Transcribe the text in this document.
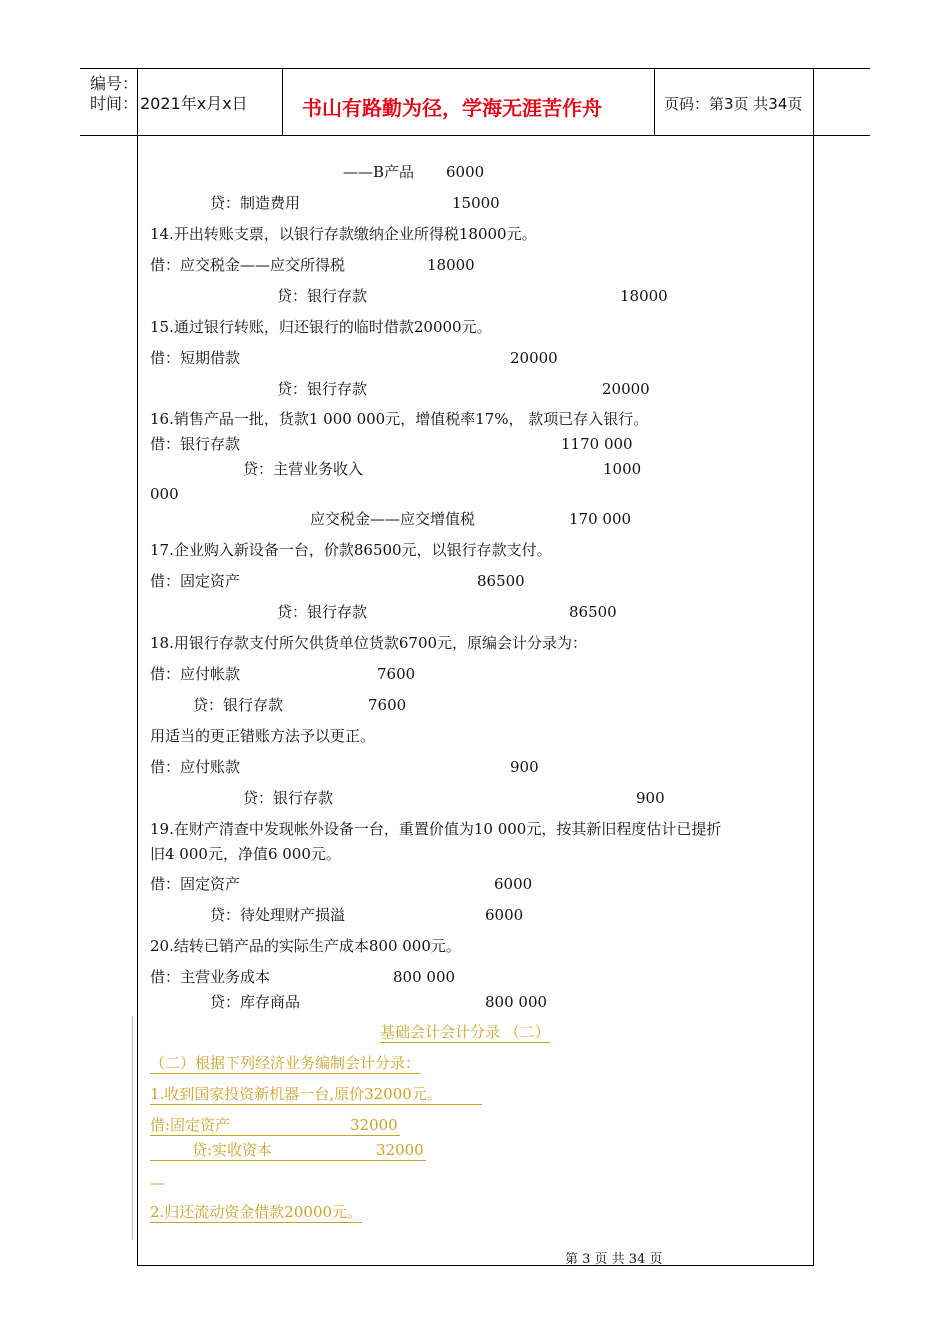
编号：
时间： 2021年x月x日	书山有路勤为径，学海无涯苦作舟	页码：第3页 共34页
——B产品 6000
贷：制造费用	15000
14.开出转账支票，以银行存款缴纳企业所得税18000元。
借：应交税金——应交所得税	18000
贷：银行存款	18000
15.通过银行转账，归还银行的临时借款20000元。
借：短期借款	20000
贷：银行存款	20000
16.销售产品一批，货款1 000 000元，增值税率17%， 款项已存入银行。
借：银行存款	1170 000
贷：主营业务收入	1000
000
应交税金——应交增值税	170 000
17.企业购入新设备一台，价款86500元，以银行存款支付。
借：固定资产	86500
贷：银行存款	86500
18.用银行存款支付所欠供货单位货款6700元，原编会计分录为：
借：应付帐款	7600
贷：银行存款	7600
用适当的更正错账方法予以更正。
借：应付账款	900
贷：银行存款	900
19.在财产清查中发现帐外设备一台，重置价值为10 000元，按其新旧程度估计已提折
旧4 000元，净值6 000元。
借：固定资产	6000
贷：待处理财产损溢	6000
20.结转已销产品的实际生产成本800 000元。
借：主营业务成本	800 000
贷：库存商品	800 000
基础会计会计分录 （二）
（二）根据下列经济业务编制会计分录：
1.收到国家投资新机器一台,原价32000元。
借:固定资产	32000
贷:实收资本	32000
—
2.归还流动资金借款20000元。
第 3 页 共 34 页
